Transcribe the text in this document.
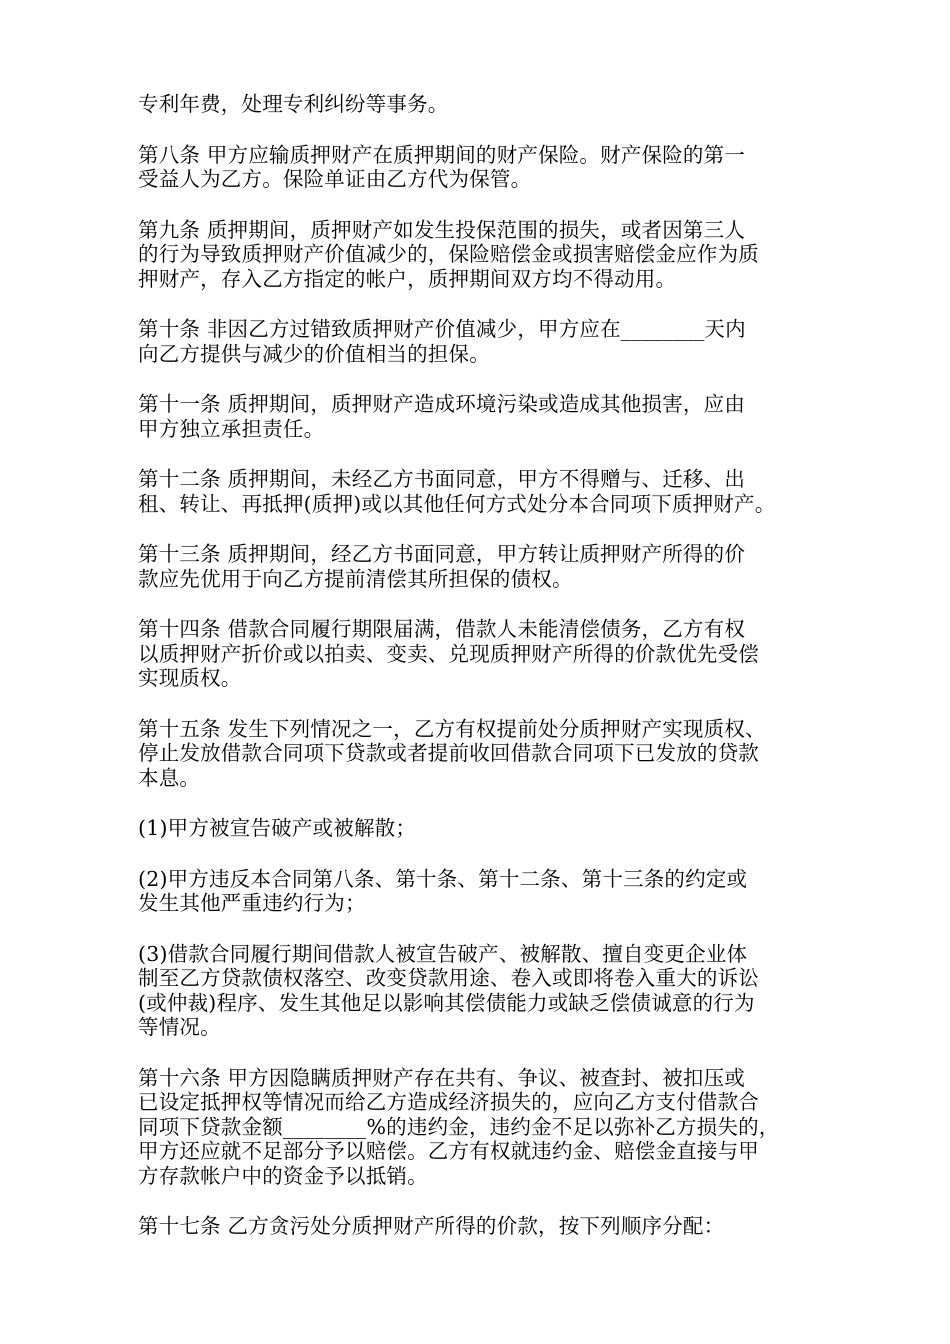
专利年费，处理专利纠纷等事务。

第八条 甲方应输质押财产在质押期间的财产保险。财产保险的第一
受益人为乙方。保险单证由乙方代为保管。

第九条 质押期间，质押财产如发生投保范围的损失，或者因第三人
的行为导致质押财产价值减少的，保险赔偿金或损害赔偿金应作为质
押财产，存入乙方指定的帐户，质押期间双方均不得动用。

第十条 非因乙方过错致质押财产价值减少，甲方应在________天内
向乙方提供与减少的价值相当的担保。

第十一条 质押期间，质押财产造成环境污染或造成其他损害，应由
甲方独立承担责任。

第十二条 质押期间，未经乙方书面同意，甲方不得赠与、迁移、出
租、转让、再抵押(质押)或以其他任何方式处分本合同项下质押财产。

第十三条 质押期间，经乙方书面同意，甲方转让质押财产所得的价
款应先优用于向乙方提前清偿其所担保的债权。

第十四条 借款合同履行期限届满，借款人未能清偿债务，乙方有权
以质押财产折价或以拍卖、变卖、兑现质押财产所得的价款优先受偿
实现质权。

第十五条 发生下列情况之一，乙方有权提前处分质押财产实现质权、
停止发放借款合同项下贷款或者提前收回借款合同项下已发放的贷款
本息。

(1)甲方被宣告破产或被解散；

(2)甲方违反本合同第八条、第十条、第十二条、第十三条的约定或
发生其他严重违约行为；

(3)借款合同履行期间借款人被宣告破产、被解散、擅自变更企业体
制至乙方贷款债权落空、改变贷款用途、卷入或即将卷入重大的诉讼
(或仲裁)程序、发生其他足以影响其偿债能力或缺乏偿债诚意的行为
等情况。

第十六条 甲方因隐瞒质押财产存在共有、争议、被查封、被扣压或
已设定抵押权等情况而给乙方造成经济损失的，应向乙方支付借款合
同项下贷款金额________%的违约金，违约金不足以弥补乙方损失的，
甲方还应就不足部分予以赔偿。乙方有权就违约金、赔偿金直接与甲
方存款帐户中的资金予以抵销。

第十七条 乙方贪污处分质押财产所得的价款，按下列顺序分配：
